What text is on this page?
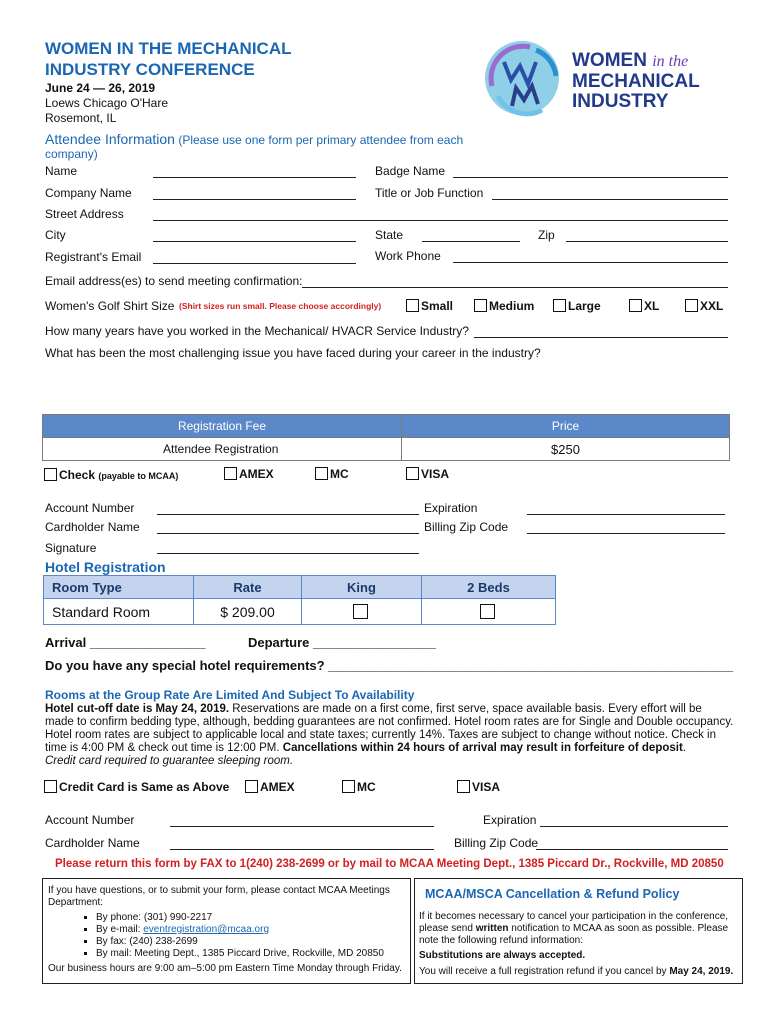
WOMEN IN THE MECHANICAL
INDUSTRY CONFERENCE
June 24 — 26, 2019
Loews Chicago O'Hare
Rosemont, IL
WOMEN in the
MECHANICAL
INDUSTRY
Attendee Information (Please use one form per primary attendee from each
company)
Name	Badge Name
Company Name	Title or Job Function
Street Address
City	State	Zip
Registrant's Email	Work Phone
Email address(es) to send meeting confirmation:
Women's Golf Shirt Size (Shirt sizes run small. Please choose accordingly)	Small	Medium	Large	XL	XXL
How many years have you worked in the Mechanical/ HVACR Service Industry?
What has been the most challenging issue you have faced during your career in the industry?
Registration Fee	Price
Attendee Registration	$250
Check (payable to MCAA)	AMEX	MC	VISA
Account Number	Expiration
Cardholder Name	Billing Zip Code
Signature
Hotel Registration
Room Type	Rate	King	2 Beds
Standard Room	$ 209.00		
Arrival ________________	Departure _________________
Do you have any special hotel requirements? ________________________________________________________
Rooms at the Group Rate Are Limited And Subject To Availability
Hotel cut-off date is May 24, 2019. Reservations are made on a first come, first serve, space available basis. Every effort will be
made to confirm bedding type, although, bedding guarantees are not confirmed. Hotel room rates are for Single and Double occupancy.
Hotel room rates are subject to applicable local and state taxes; currently 14%. Taxes are subject to change without notice. Check in
time is 4:00 PM & check out time is 12:00 PM. Cancellations within 24 hours of arrival may result in forfeiture of deposit.
Credit card required to guarantee sleeping room.
Credit Card is Same as Above	AMEX	MC	VISA
Account Number	Expiration
Cardholder Name	Billing Zip Code
Please return this form by FAX to 1(240) 238-2699 or by mail to MCAA Meeting Dept., 1385 Piccard Dr., Rockville, MD 20850
If you have questions, or to submit your form, please contact MCAA Meetings
Department:
▪ By phone: (301) 990-2217
▪ By e-mail: eventregistration@mcaa.org
▪ By fax: (240) 238-2699
▪ By mail: Meeting Dept., 1385 Piccard Drive, Rockville, MD 20850
Our business hours are 9:00 am–5:00 pm Eastern Time Monday through Friday.
MCAA/MSCA Cancellation & Refund Policy
If it becomes necessary to cancel your participation in the conference,
please send written notification to MCAA as soon as possible. Please
note the following refund information:
Substitutions are always accepted.
You will receive a full registration refund if you cancel by May 24, 2019.
